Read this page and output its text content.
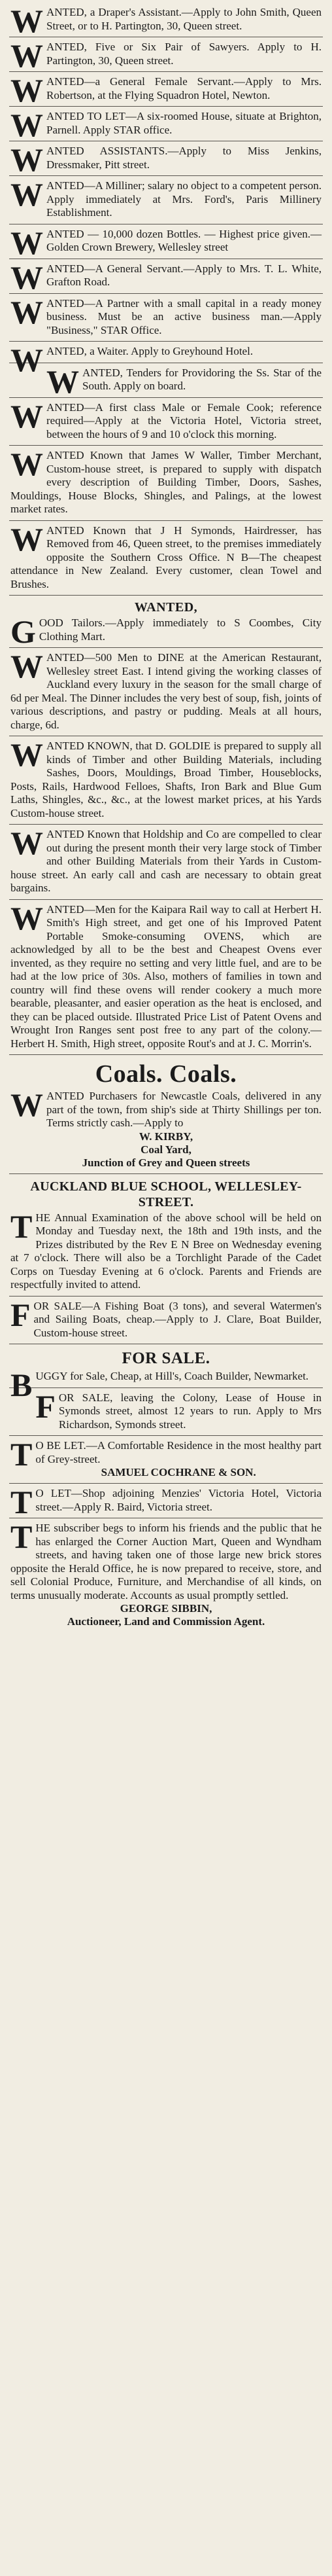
WANTED, a Draper's Assistant.—Apply to John Smith, Queen Street, or to H. Partington, 30, Queen street.

WANTED, Five or Six Pair of Sawyers. Apply to H. Partington, 30, Queen street.

WANTED—a General Female Servant.—Apply to Mrs. Robertson, at the Flying Squadron Hotel, Newton.

WANTED TO LET—A six-roomed House, situate at Brighton, Parnell. Apply STAR office.

WANTED ASSISTANTS.—Apply to Miss Jenkins, Dressmaker, Pitt street.

WANTED—A Milliner; salary no object to a competent person. Apply immediately at Mrs. Ford's, Paris Millinery Establishment.

WANTED — 10,000 dozen Bottles. — Highest price given.—Golden Crown Brewery, Wellesley street

WANTED—A General Servant.—Apply to Mrs. T. L. White, Grafton Road.

WANTED—A Partner with a small capital in a ready money business. Must be an active business man.—Apply "Business," STAR Office.

WANTED, a Waiter. Apply to Greyhound Hotel.

WANTED, Tenders for Providoring the Ss. Star of the South. Apply on board.

WANTED—A first class Male or Female Cook; reference required—Apply at the Victoria Hotel, Victoria street, between the hours of 9 and 10 o'clock this morning.

WANTED Known that James W Waller, Timber Merchant, Custom-house street, is prepared to supply with dispatch every description of Building Timber, Doors, Sashes, Mouldings, House Blocks, Shingles, and Palings, at the lowest market rates.

WANTED Known that J H Symonds, Hairdresser, has Removed from 46, Queen street, to the premises immediately opposite the Southern Cross Office. N B—The cheapest attendance in New Zealand. Every customer, clean Towel and Brushes.

WANTED,

GOOD Tailors.—Apply immediately to S Coombes, City Clothing Mart.

WANTED—500 Men to DINE at the American Restaurant, Wellesley street East. I intend giving the working classes of Auckland every luxury in the season for the small charge of 6d per Meal. The Dinner includes the very best of soup, fish, joints of various descriptions, and pastry or pudding. Meals at all hours, charge, 6d.

WANTED KNOWN, that D. GOLDIE is prepared to supply all kinds of Timber and other Building Materials, including Sashes, Doors, Mouldings, Broad Timber, Houseblocks, Posts, Rails, Hardwood Felloes, Shafts, Iron Bark and Blue Gum Laths, Shingles, &c., &c., at the lowest market prices, at his Yards Custom-house street.

WANTED Known that Holdship and Co are compelled to clear out during the present month their very large stock of Timber and other Building Materials from their Yards in Custom-house street. An early call and cash are necessary to obtain great bargains.

WANTED—Men for the Kaipara Rail way to call at Herbert H. Smith's High street, and get one of his Improved Patent Portable Smoke-consuming OVENS, which are acknowledged by all to be the best and Cheapest Ovens ever invented, as they require no setting and very little fuel, and are to be had at the low price of 30s. Also, mothers of families in town and country will find these ovens will render cookery a much more bearable, pleasanter, and easier operation as the heat is enclosed, and they can be placed outside. Illustrated Price List of Patent Ovens and Wrought Iron Ranges sent post free to any part of the colony.—Herbert H. Smith, High street, opposite Rout's and at J. C. Morrin's.

Coals. Coals.

WANTED Purchasers for Newcastle Coals, delivered in any part of the town, from ship's side at Thirty Shillings per ton. Terms strictly cash.—Apply to

W. KIRBY,

Coal Yard,

Junction of Grey and Queen streets

AUCKLAND BLUE SCHOOL, WELLESLEY-STREET.

THE Annual Examination of the above school will be held on Monday and Tuesday next, the 18th and 19th insts, and the Prizes distributed by the Rev E N Bree on Wednesday evening at 7 o'clock. There will also be a Torchlight Parade of the Cadet Corps on Tuesday Evening at 6 o'clock. Parents and Friends are respectfully invited to attend.

FOR SALE—A Fishing Boat (3 tons), and several Watermen's and Sailing Boats, cheap.—Apply to J. Clare, Boat Builder, Custom-house street.

FOR SALE.

BUGGY for Sale, Cheap, at Hill's, Coach Builder, Newmarket.

FOR SALE, leaving the Colony, Lease of House in Symonds street, almost 12 years to run. Apply to Mrs Richardson, Symonds street.

TO BE LET.—A Comfortable Residence in the most healthy part of Grey-street.

SAMUEL COCHRANE & SON.

TO LET—Shop adjoining Menzies' Victoria Hotel, Victoria street.—Apply R. Baird, Victoria street.

THE subscriber begs to inform his friends and the public that he has enlarged the Corner Auction Mart, Queen and Wyndham streets, and having taken one of those large new brick stores opposite the Herald Office, he is now prepared to receive, store, and sell Colonial Produce, Furniture, and Merchandise of all kinds, on terms unusually moderate. Accounts as usual promptly settled.

GEORGE SIBBIN,

Auctioneer, Land and Commission Agent.
